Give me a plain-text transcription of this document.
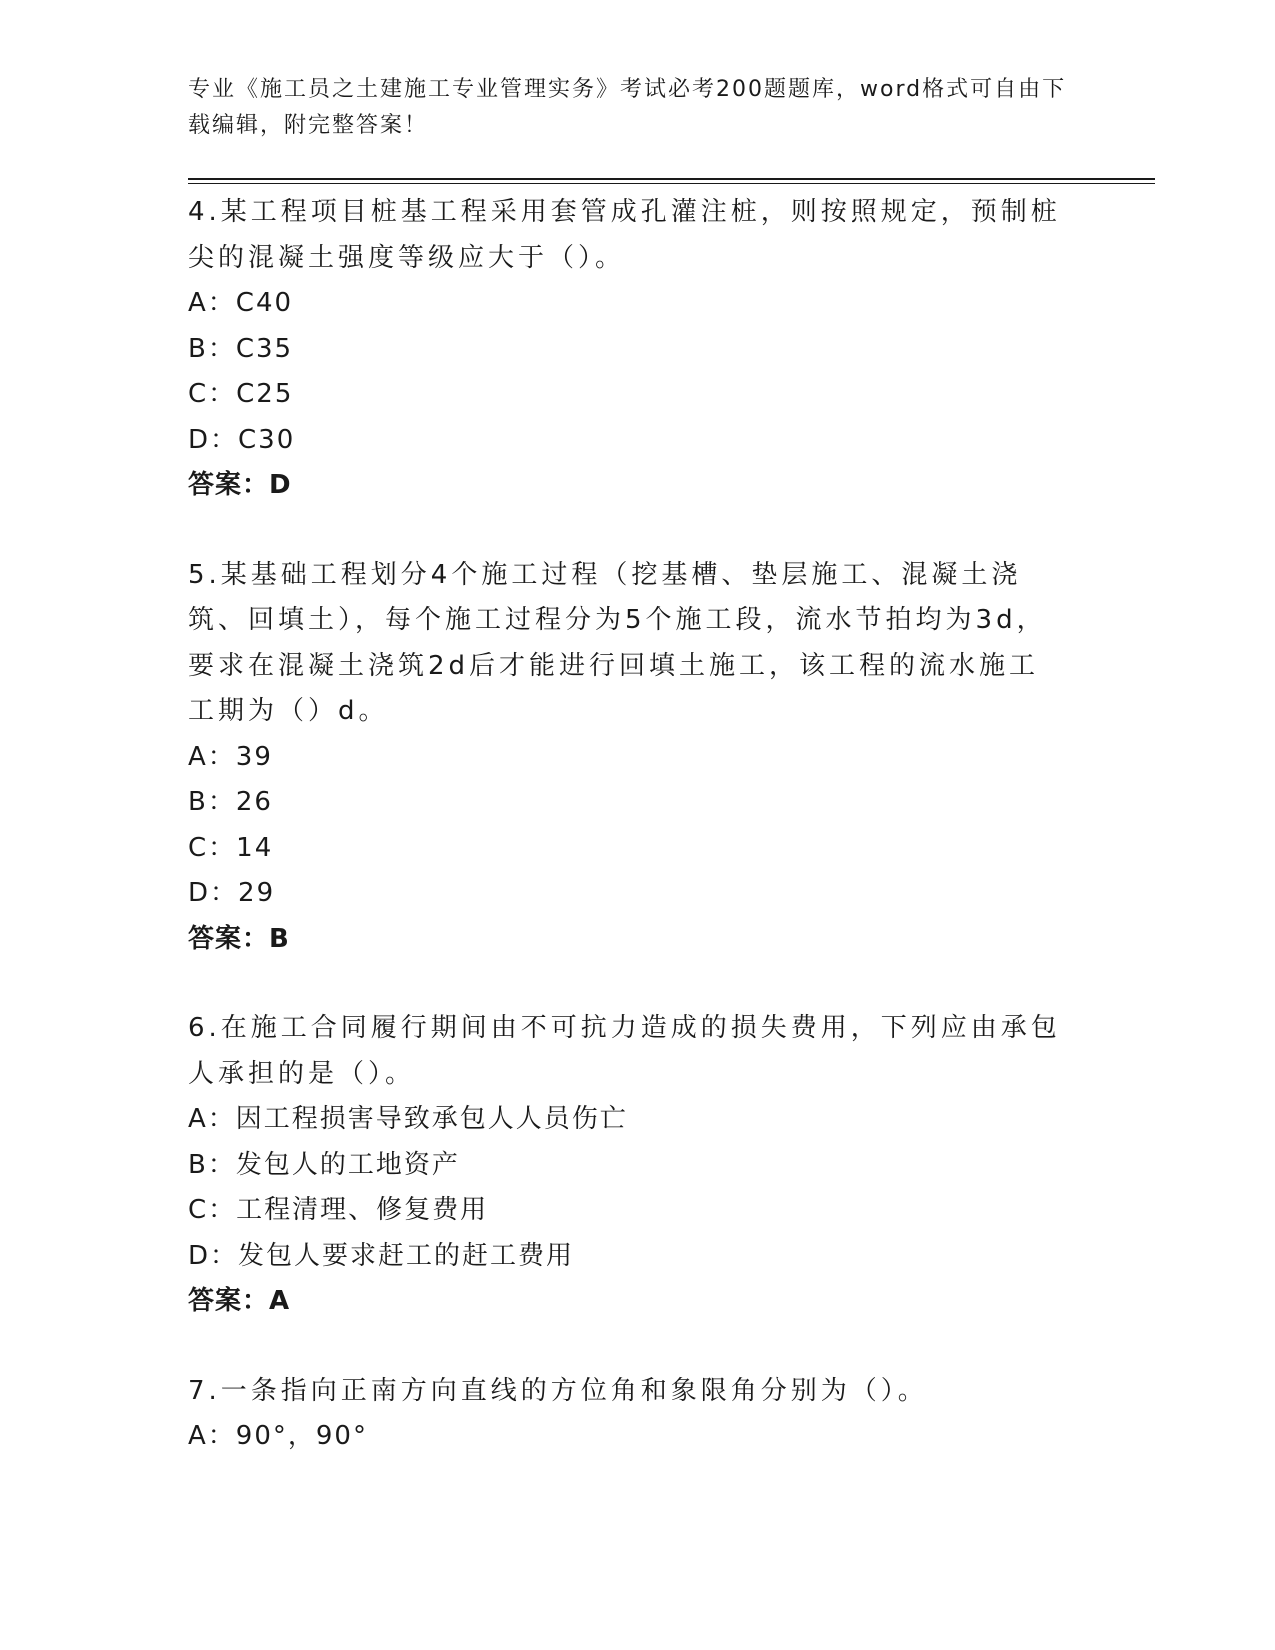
专业《施工员之土建施工专业管理实务》考试必考200题题库，word格式可自由下载编辑，附完整答案！

4.某工程项目桩基工程采用套管成孔灌注桩，则按照规定，预制桩尖的混凝土强度等级应大于（）。

A：C40

B：C35

C：C25

D：C30

答案：D

5.某基础工程划分4个施工过程（挖基槽、垫层施工、混凝土浇筑、回填土），每个施工过程分为5个施工段，流水节拍均为3d，要求在混凝土浇筑2d后才能进行回填土施工，该工程的流水施工工期为（）d。

A：39

B：26

C：14

D：29

答案：B

6.在施工合同履行期间由不可抗力造成的损失费用，下列应由承包人承担的是（）。

A：因工程损害导致承包人人员伤亡

B：发包人的工地资产

C：工程清理、修复费用

D：发包人要求赶工的赶工费用

答案：A

7.一条指向正南方向直线的方位角和象限角分别为（）。

A：90°，90°
